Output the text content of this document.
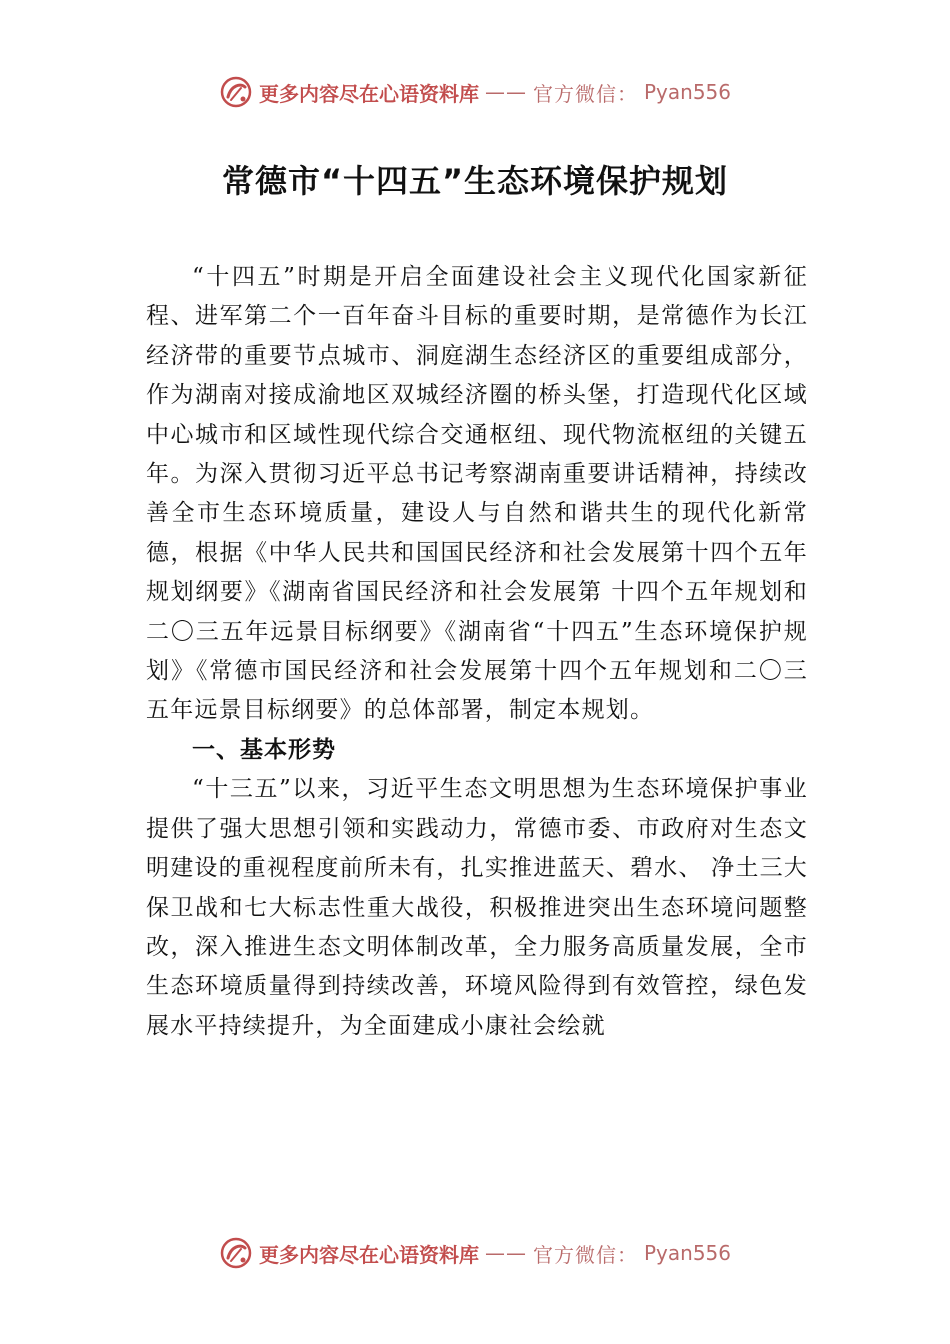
更多内容尽在心语资料库 —— 官方微信： Pyan556
常德市“十四五”生态环境保护规划

“十四五”时期是开启全面建设社会主义现代化国家新征程、进军第二个一百年奋斗目标的重要时期，是常德作为长江经济带的重要节点城市、洞庭湖生态经济区的重要组成部分，作为湖南对接成渝地区双城经济圈的桥头堡，打造现代化区域中心城市和区域性现代综合交通枢纽、现代物流枢纽的关键五年。为深入贯彻习近平总书记考察湖南重要讲话精神，持续改善全市生态环境质量，建设人与自然和谐共生的现代化新常德，根据《中华人民共和国国民经济和社会发展第十四个五年规划纲要》《湖南省国民经济和社会发展第 十四个五年规划和二〇三五年远景目标纲要》《湖南省“十四五”生态环境保护规划》《常德市国民经济和社会发展第十四个五年规划和二〇三五年远景目标纲要》的总体部署，制定本规划。

一、基本形势

“十三五”以来，习近平生态文明思想为生态环境保护事业提供了强大思想引领和实践动力，常德市委、市政府对生态文明建设的重视程度前所未有，扎实推进蓝天、碧水、 净土三大保卫战和七大标志性重大战役，积极推进突出生态环境问题整改，深入推进生态文明体制改革，全力服务高质量发展，全市生态环境质量得到持续改善，环境风险得到有效管控，绿色发展水平持续提升，为全面建成小康社会绘就

更多内容尽在心语资料库 —— 官方微信： Pyan556
